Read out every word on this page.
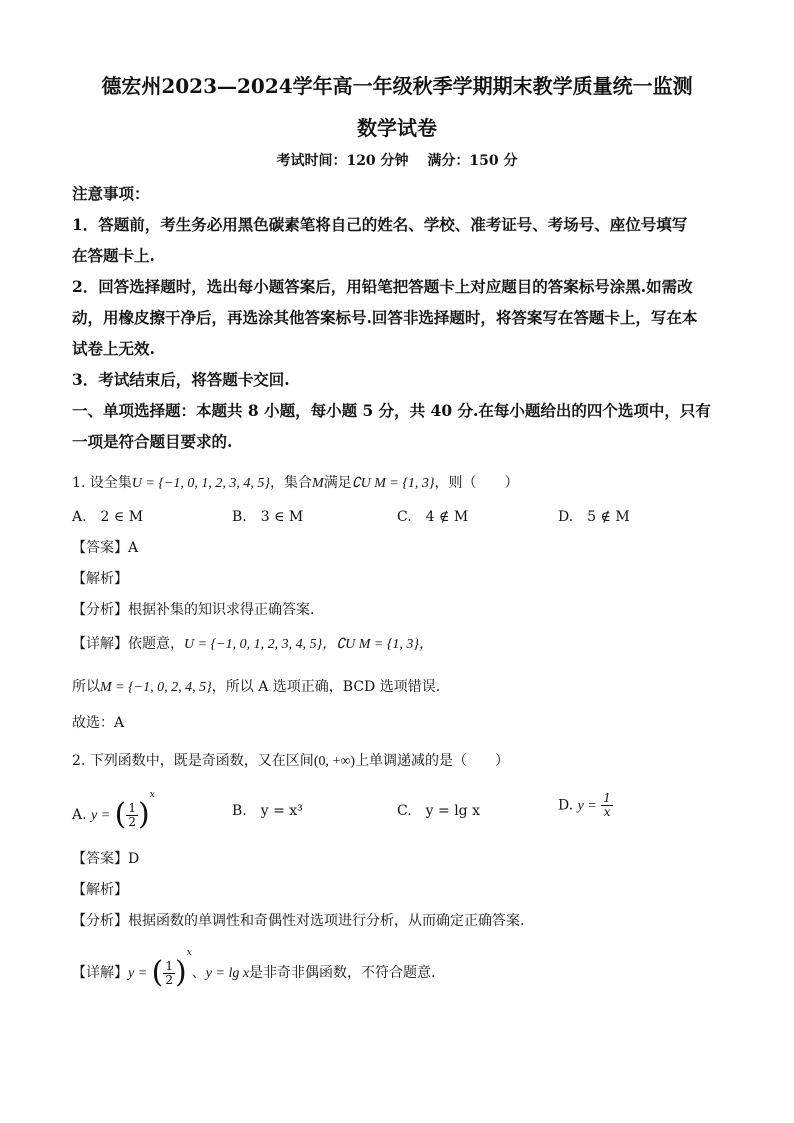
德宏州2023—2024学年高一年级秋季学期期末教学质量统一监测
数学试卷
考试时间：120 分钟　 满分：150 分
注意事项：
1．答题前，考生务必用黑色碳素笔将自己的姓名、学校、准考证号、考场号、座位号填写
在答题卡上.
2．回答选择题时，选出每小题答案后，用铅笔把答题卡上对应题目的答案标号涂黑.如需改
动，用橡皮擦干净后，再选涂其他答案标号.回答非选择题时，将答案写在答题卡上，写在本
试卷上无效.
3．考试结束后，将答题卡交回.
一、单项选择题：本题共 8 小题，每小题 5 分，共 40 分.在每小题给出的四个选项中，只有
一项是符合题目要求的.
1. 设全集U = {−1, 0, 1, 2, 3, 4, 5}，集合M满足∁U M = {1, 3}，则（　　）
A.　2 ∈ M	B.　3 ∈ M	C.　4 ∉ M	D.　5 ∉ M
【答案】A
【解析】
【分析】根据补集的知识求得正确答案.
【详解】依题意，U = {−1, 0, 1, 2, 3, 4, 5}，∁U M = {1, 3}，
所以M = {−1, 0, 2, 4, 5}，所以 A 选项正确，BCD 选项错误.
故选：A
2. 下列函数中，既是奇函数，又在区间(0, +∞)上单调递减的是（　　）
A. y = ( $\frac{1}{2} )^x$
B.　y = x³	C.　y = lg x	D. $y = \frac{1}{x}$
【答案】D
【解析】
【分析】根据函数的单调性和奇偶性对选项进行分析，从而确定正确答案.
【详解】y = ( $\frac{1}{2} )^x$、y = lg x是非奇非偶函数，不符合题意.
